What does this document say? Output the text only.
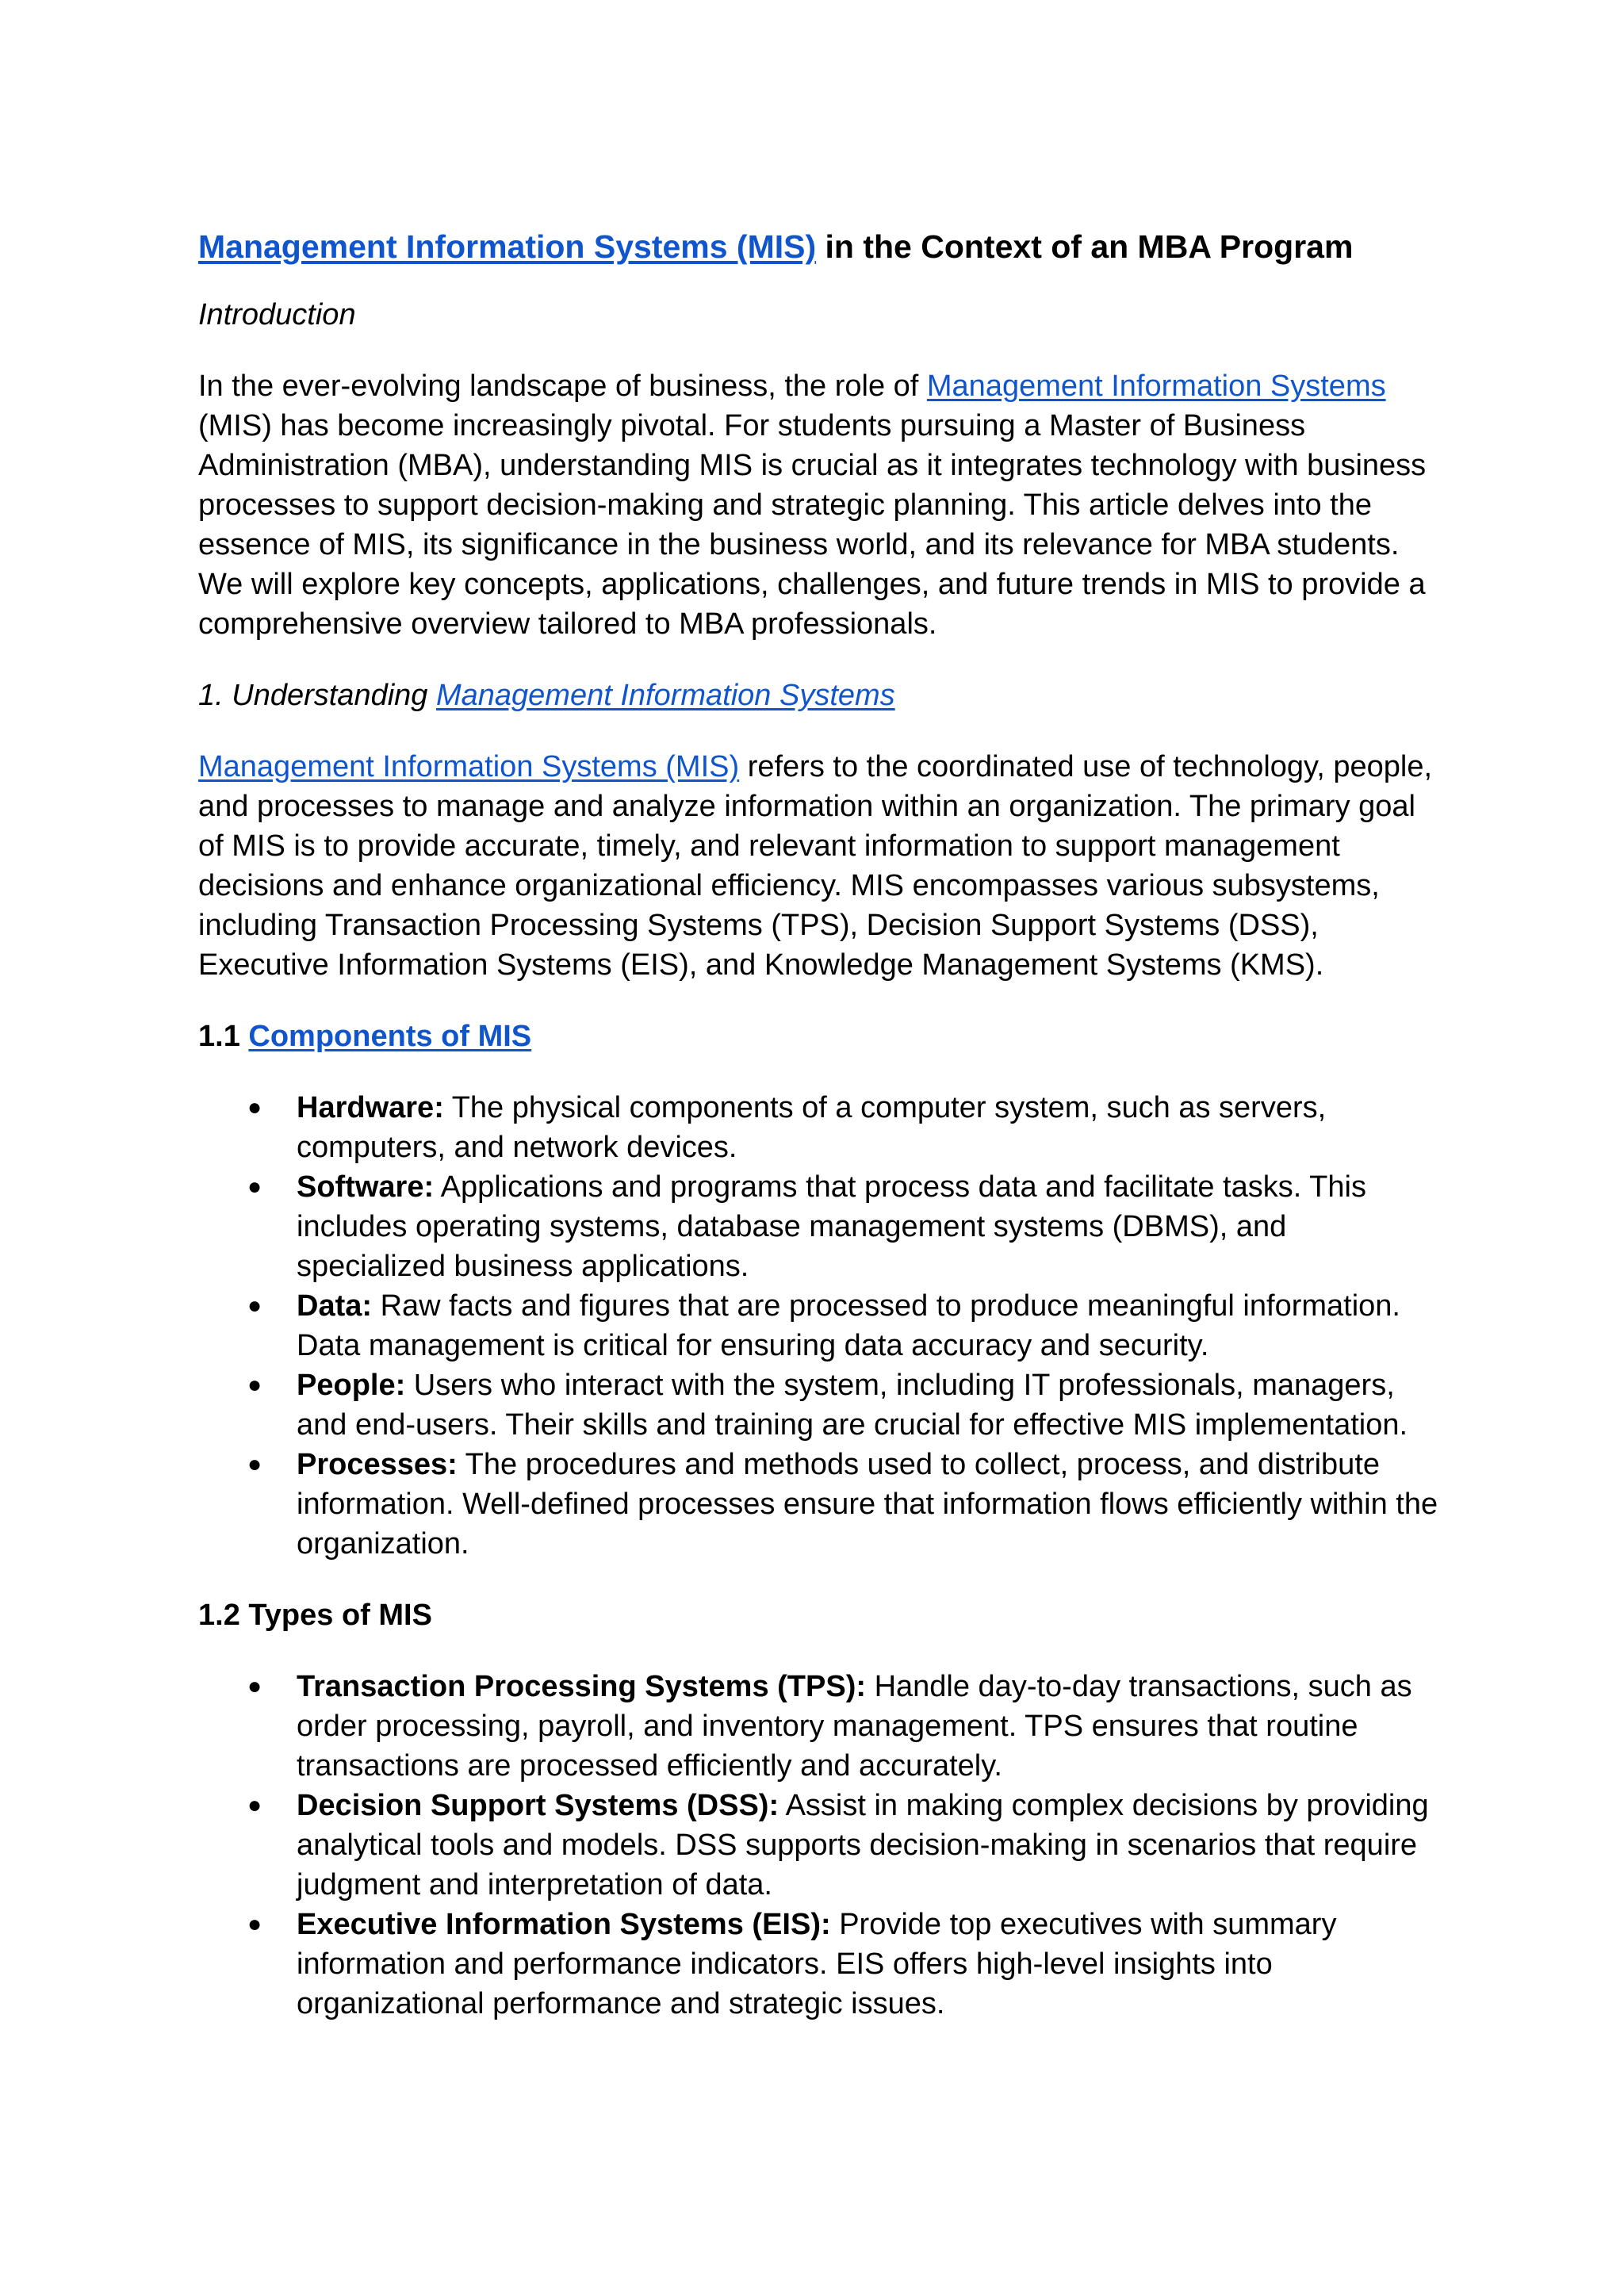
Management Information Systems (MIS) in the Context of an MBA Program
Introduction

In the ever-evolving landscape of business, the role of Management Information Systems (MIS) has become increasingly pivotal. For students pursuing a Master of Business Administration (MBA), understanding MIS is crucial as it integrates technology with business processes to support decision-making and strategic planning. This article delves into the essence of MIS, its significance in the business world, and its relevance for MBA students. We will explore key concepts, applications, challenges, and future trends in MIS to provide a comprehensive overview tailored to MBA professionals.

1. Understanding Management Information Systems

Management Information Systems (MIS) refers to the coordinated use of technology, people, and processes to manage and analyze information within an organization. The primary goal of MIS is to provide accurate, timely, and relevant information to support management decisions and enhance organizational efficiency. MIS encompasses various subsystems, including Transaction Processing Systems (TPS), Decision Support Systems (DSS), Executive Information Systems (EIS), and Knowledge Management Systems (KMS).

1.1 Components of MIS
● Hardware: The physical components of a computer system, such as servers, computers, and network devices.
● Software: Applications and programs that process data and facilitate tasks. This includes operating systems, database management systems (DBMS), and specialized business applications.
● Data: Raw facts and figures that are processed to produce meaningful information. Data management is critical for ensuring data accuracy and security.
● People: Users who interact with the system, including IT professionals, managers, and end-users. Their skills and training are crucial for effective MIS implementation.
● Processes: The procedures and methods used to collect, process, and distribute information. Well-defined processes ensure that information flows efficiently within the organization.
1.2 Types of MIS
● Transaction Processing Systems (TPS): Handle day-to-day transactions, such as order processing, payroll, and inventory management. TPS ensures that routine transactions are processed efficiently and accurately.
● Decision Support Systems (DSS): Assist in making complex decisions by providing analytical tools and models. DSS supports decision-making in scenarios that require judgment and interpretation of data.
● Executive Information Systems (EIS): Provide top executives with summary information and performance indicators. EIS offers high-level insights into organizational performance and strategic issues.
